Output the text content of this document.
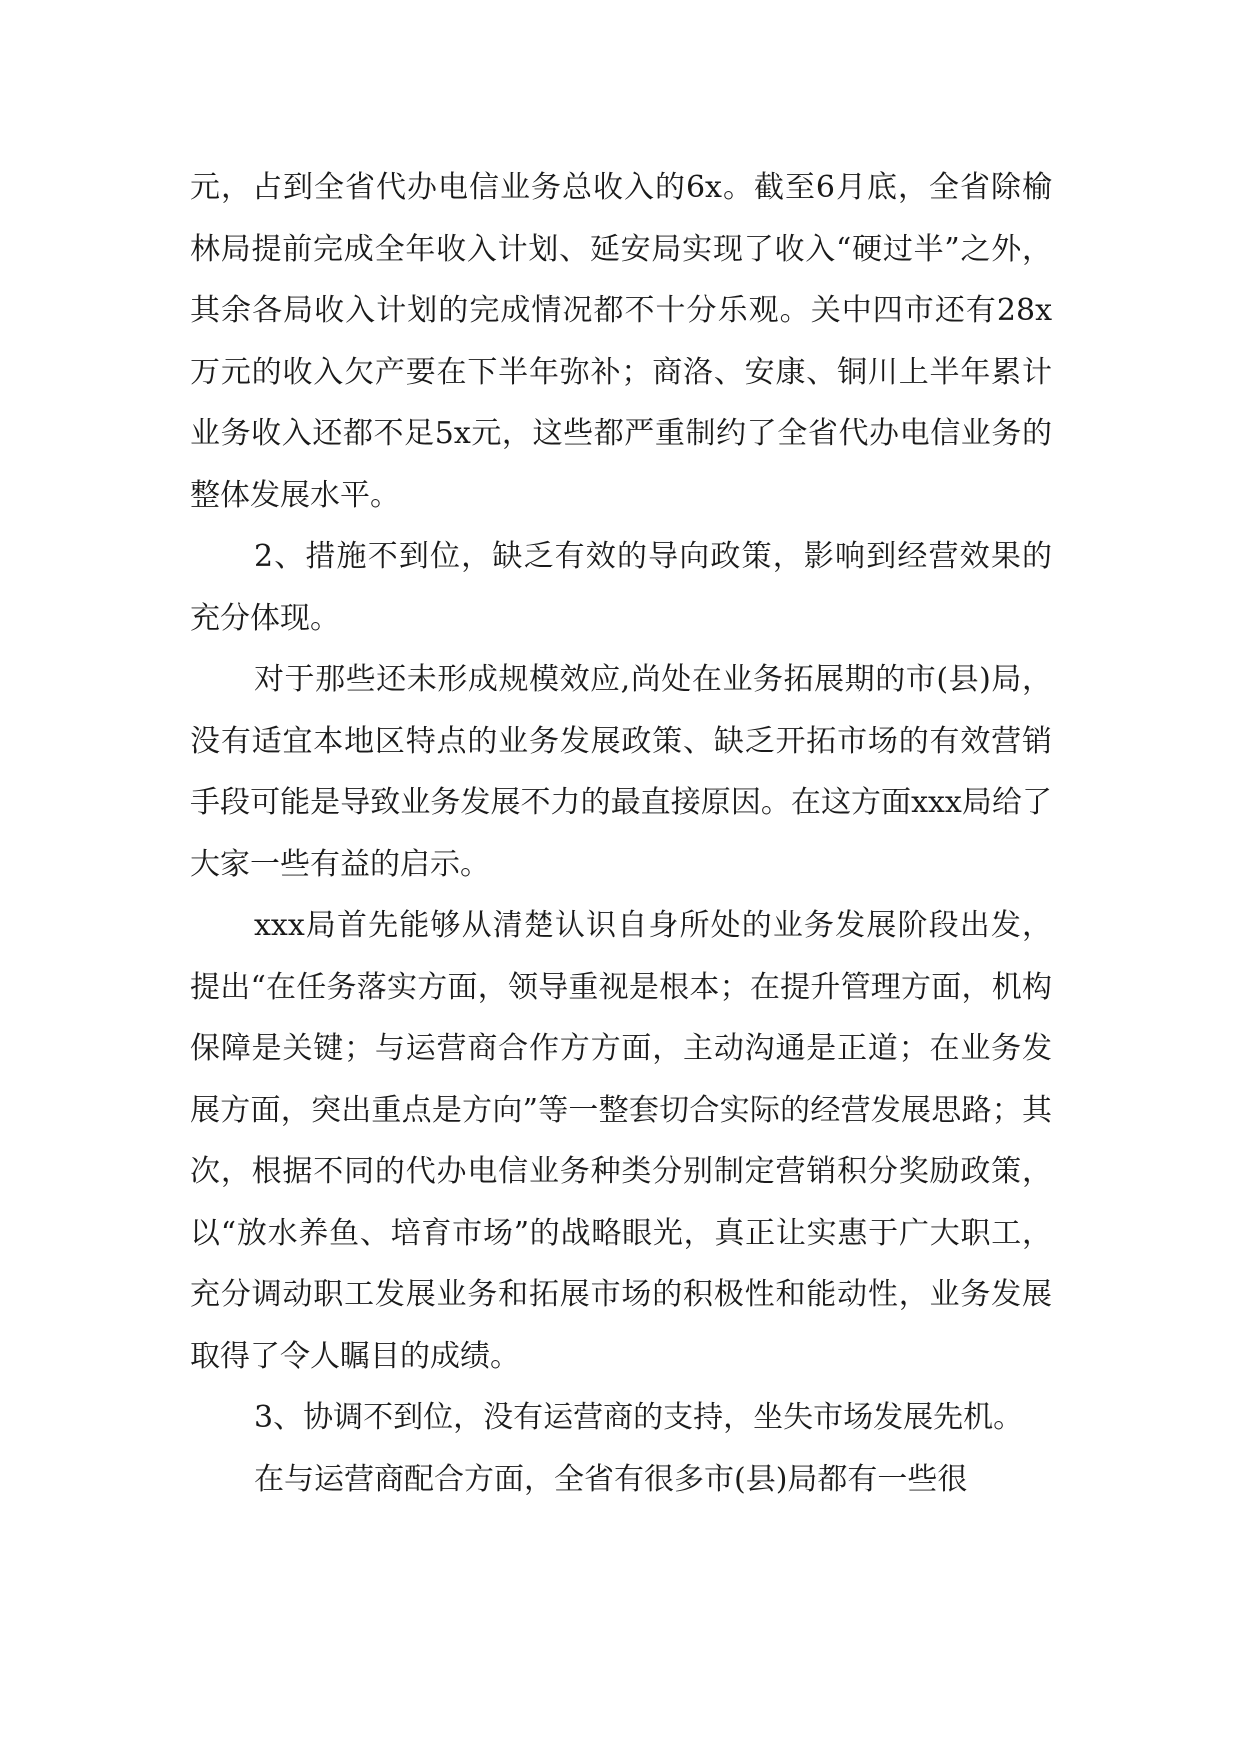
元，占到全省代办电信业务总收入的6x。截至6月底，全省除榆林局提前完成全年收入计划、延安局实现了收入“硬过半”之外，其余各局收入计划的完成情况都不十分乐观。关中四市还有28x万元的收入欠产要在下半年弥补；商洛、安康、铜川上半年累计业务收入还都不足5x元，这些都严重制约了全省代办电信业务的整体发展水平。

2、措施不到位，缺乏有效的导向政策，影响到经营效果的充分体现。

对于那些还未形成规模效应,尚处在业务拓展期的市(县)局，没有适宜本地区特点的业务发展政策、缺乏开拓市场的有效营销手段可能是导致业务发展不力的最直接原因。在这方面xxx局给了大家一些有益的启示。

xxx局首先能够从清楚认识自身所处的业务发展阶段出发，提出“在任务落实方面，领导重视是根本；在提升管理方面，机构保障是关键；与运营商合作方方面，主动沟通是正道；在业务发展方面，突出重点是方向”等一整套切合实际的经营发展思路；其次，根据不同的代办电信业务种类分别制定营销积分奖励政策，以“放水养鱼、培育市场”的战略眼光，真正让实惠于广大职工，充分调动职工发展业务和拓展市场的积极性和能动性，业务发展取得了令人瞩目的成绩。

3、协调不到位，没有运营商的支持，坐失市场发展先机。

在与运营商配合方面，全省有很多市(县)局都有一些很
